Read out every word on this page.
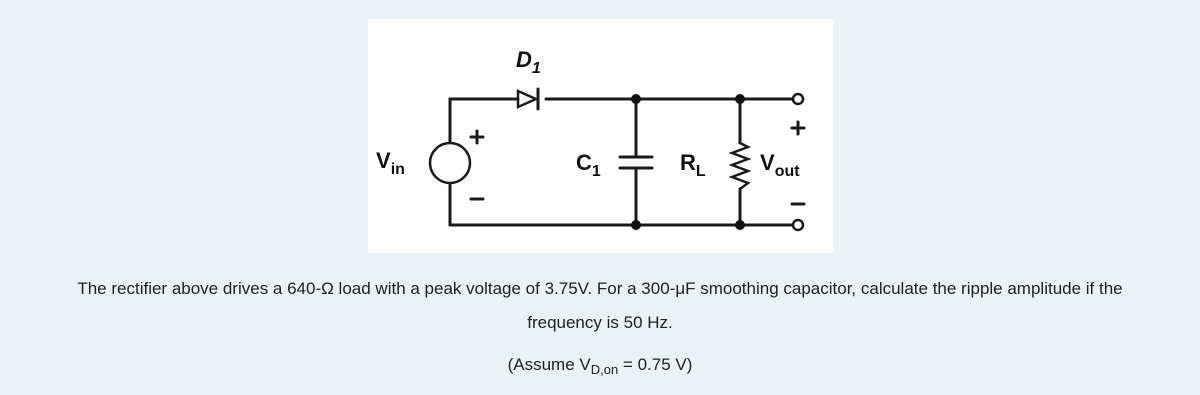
$D_1$
$V_{in}$	$C_1$	$R_L$ $V_{out}$
The rectifier above drives a 640-Ω load with a peak voltage of 3.75V. For a 300-μF smoothing capacitor, calculate the ripple amplitude if the
frequency is 50 Hz.
(Assume $V_{D,on} = 0.75$ V)
